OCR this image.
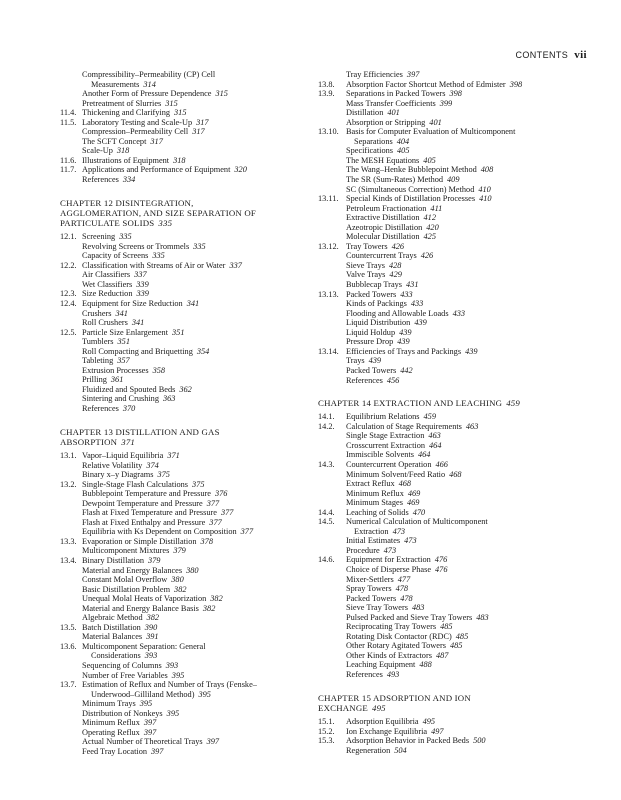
CONTENTS vii
Compressibility–Permeability (CP) Cell
Measurements 314
Another Form of Pressure Dependence 315
Pretreatment of Slurries 315
11.4. Thickening and Clarifying 315
11.5. Laboratory Testing and Scale-Up 317
Compression–Permeability Cell 317
The SCFT Concept 317
Scale-Up 318
11.6. Illustrations of Equipment 318
11.7. Applications and Performance of Equipment 320
References 334
CHAPTER 12 DISINTEGRATION,
AGGLOMERATION, AND SIZE SEPARATION OF
PARTICULATE SOLIDS 335
12.1. Screening 335
Revolving Screens or Trommels 335
Capacity of Screens 335
12.2. Classification with Streams of Air or Water 337
Air Classifiers 337
Wet Classifiers 339
12.3. Size Reduction 339
12.4. Equipment for Size Reduction 341
Crushers 341
Roll Crushers 341
12.5. Particle Size Enlargement 351
Tumblers 351
Roll Compacting and Briquetting 354
Tableting 357
Extrusion Processes 358
Prilling 361
Fluidized and Spouted Beds 362
Sintering and Crushing 363
References 370
CHAPTER 13 DISTILLATION AND GAS
ABSORPTION 371
13.1. Vapor–Liquid Equilibria 371
Relative Volatility 374
Binary x–y Diagrams 375
13.2. Single-Stage Flash Calculations 375
Bubblepoint Temperature and Pressure 376
Dewpoint Temperature and Pressure 377
Flash at Fixed Temperature and Pressure 377
Flash at Fixed Enthalpy and Pressure 377
Equilibria with Ks Dependent on Composition 377
13.3. Evaporation or Simple Distillation 378
Multicomponent Mixtures 379
13.4. Binary Distillation 379
Material and Energy Balances 380
Constant Molal Overflow 380
Basic Distillation Problem 382
Unequal Molal Heats of Vaporization 382
Material and Energy Balance Basis 382
Algebraic Method 382
13.5. Batch Distillation 390
Material Balances 391
13.6. Multicomponent Separation: General
Considerations 393
Sequencing of Columns 393
Number of Free Variables 395
13.7. Estimation of Reflux and Number of Trays (Fenske–
Underwood–Gilliland Method) 395
Minimum Trays 395
Distribution of Nonkeys 395
Minimum Reflux 397
Operating Reflux 397
Actual Number of Theoretical Trays 397
Feed Tray Location 397
Tray Efficiencies 397
13.8.	Absorption Factor Shortcut Method of Edmister 398
13.9.	Separations in Packed Towers 398
Mass Transfer Coefficients 399
Distillation 401
Absorption or Stripping 401
13.10. Basis for Computer Evaluation of Multicomponent
Separations 404
Specifications 405
The MESH Equations 405
The Wang–Henke Bubblepoint Method 408
The SR (Sum-Rates) Method 409
SC (Simultaneous Correction) Method 410
13.11. Special Kinds of Distillation Processes 410
Petroleum Fractionation 411
Extractive Distillation 412
Azeotropic Distillation 420
Molecular Distillation 425
13.12. Tray Towers 426
Countercurrent Trays 426
Sieve Trays 428
Valve Trays 429
Bubblecap Trays 431
13.13. Packed Towers 433
Kinds of Packings 433
Flooding and Allowable Loads 433
Liquid Distribution 439
Liquid Holdup 439
Pressure Drop 439
13.14. Efficiencies of Trays and Packings 439
Trays 439
Packed Towers 442
References 456
CHAPTER 14 EXTRACTION AND LEACHING 459
14.1.	Equilibrium Relations 459
14.2.	Calculation of Stage Requirements 463
Single Stage Extraction 463
Crosscurrent Extraction 464
Immiscible Solvents 464
14.3.	Countercurrent Operation 466
Minimum Solvent/Feed Ratio 468
Extract Reflux 468
Minimum Reflux 469
Minimum Stages 469
14.4.	Leaching of Solids 470
14.5.	Numerical Calculation of Multicomponent
Extraction 473
Initial Estimates 473
Procedure 473
14.6.	Equipment for Extraction 476
Choice of Disperse Phase 476
Mixer-Settlers 477
Spray Towers 478
Packed Towers 478
Sieve Tray Towers 483
Pulsed Packed and Sieve Tray Towers 483
Reciprocating Tray Towers 485
Rotating Disk Contactor (RDC) 485
Other Rotary Agitated Towers 485
Other Kinds of Extractors 487
Leaching Equipment 488
References 493
CHAPTER 15 ADSORPTION AND ION
EXCHANGE 495
15.1.	Adsorption Equilibria 495
15.2.	Ion Exchange Equilibria 497
15.3.	Adsorption Behavior in Packed Beds 500
Regeneration 504
